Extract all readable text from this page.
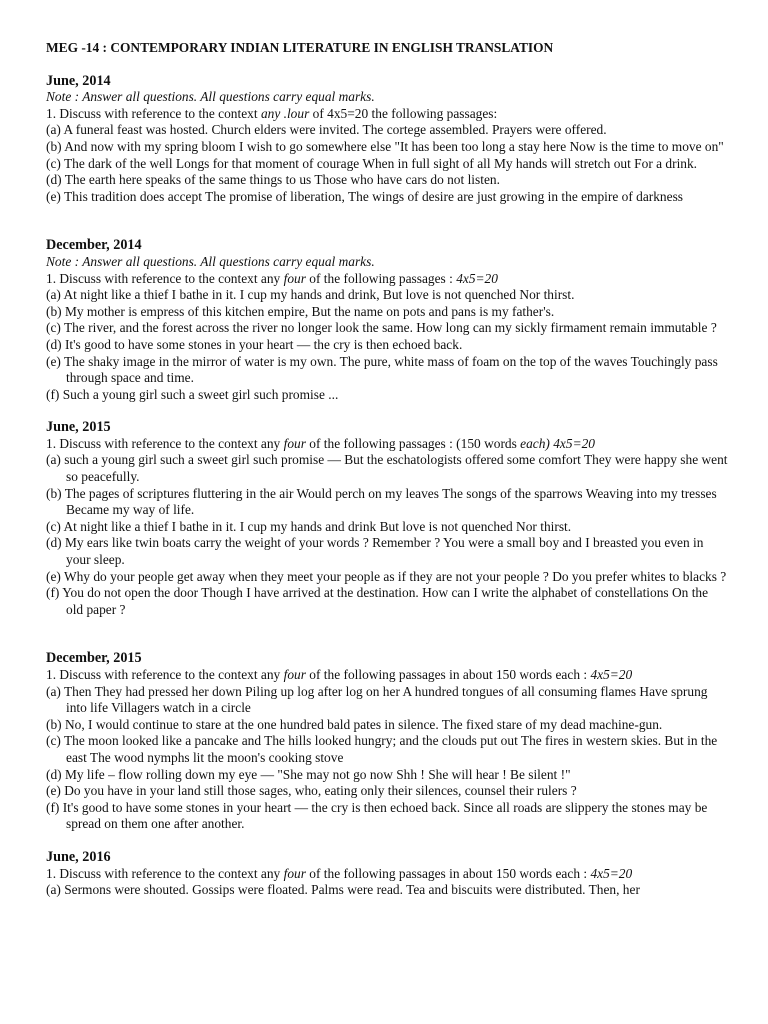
MEG -14 : CONTEMPORARY INDIAN LITERATURE IN ENGLISH TRANSLATION
June, 2014
Note : Answer all questions. All questions carry equal marks.
1. Discuss with reference to the context any .lour of 4x5=20 the following passages:
(a) A funeral feast was hosted. Church elders were invited. The cortege assembled. Prayers were offered.
(b) And now with my spring bloom I wish to go somewhere else "It has been too long a stay here Now is the time to move on"
(c) The dark of the well Longs for that moment of courage When in full sight of all My hands will stretch out For a drink.
(d) The earth here speaks of the same things to us Those who have cars do not listen.
(e) This tradition does accept The promise of liberation, The wings of desire are just growing in the empire of darkness
December, 2014
Note : Answer all questions. All questions carry equal marks.
1. Discuss with reference to the context any four of the following passages : 4x5=20
(a) At night like a thief I bathe in it. I cup my hands and drink, But love is not quenched Nor thirst.
(b) My mother is empress of this kitchen empire, But the name on pots and pans is my father's.
(c) The river, and the forest across the river no longer look the same. How long can my sickly firmament remain immutable ?
(d) It's good to have some stones in your heart — the cry is then echoed back.
(e) The shaky image in the mirror of water is my own. The pure, white mass of foam on the top of the waves Touchingly pass through space and time.
(f) Such a young girl such a sweet girl such promise ...
June, 2015
1. Discuss with reference to the context any four of the following passages : (150 words each) 4x5=20
(a) such a young girl such a sweet girl such promise — But the eschatologists offered some comfort They were happy she went so peacefully.
(b) The pages of scriptures fluttering in the air Would perch on my leaves The songs of the sparrows Weaving into my tresses Became my way of life.
(c) At night like a thief I bathe in it. I cup my hands and drink But love is not quenched Nor thirst.
(d) My ears like twin boats carry the weight of your words ? Remember ? You were a small boy and I breasted you even in your sleep.
(e) Why do your people get away when they meet your people as if they are not your people ? Do you prefer whites to blacks ?
(f) You do not open the door Though I have arrived at the destination. How can I write the alphabet of constellations On the old paper ?
December, 2015
1. Discuss with reference to the context any four of the following passages in about 150 words each : 4x5=20
(a) Then They had pressed her down Piling up log after log on her A hundred tongues of all consuming flames Have sprung into life Villagers watch in a circle
(b) No, I would continue to stare at the one hundred bald pates in silence. The fixed stare of my dead machine-gun.
(c) The moon looked like a pancake and The hills looked hungry; and the clouds put out The fires in western skies. But in the east The wood nymphs lit the moon's cooking stove
(d) My life – flow rolling down my eye — "She may not go now Shh ! She will hear ! Be silent !"
(e) Do you have in your land still those sages, who, eating only their silences, counsel their rulers ?
(f) It's good to have some stones in your heart — the cry is then echoed back. Since all roads are slippery the stones may be spread on them one after another.
June, 2016
1. Discuss with reference to the context any four of the following passages in about 150 words each : 4x5=20
(a) Sermons were shouted. Gossips were floated. Palms were read. Tea and biscuits were distributed. Then, her
